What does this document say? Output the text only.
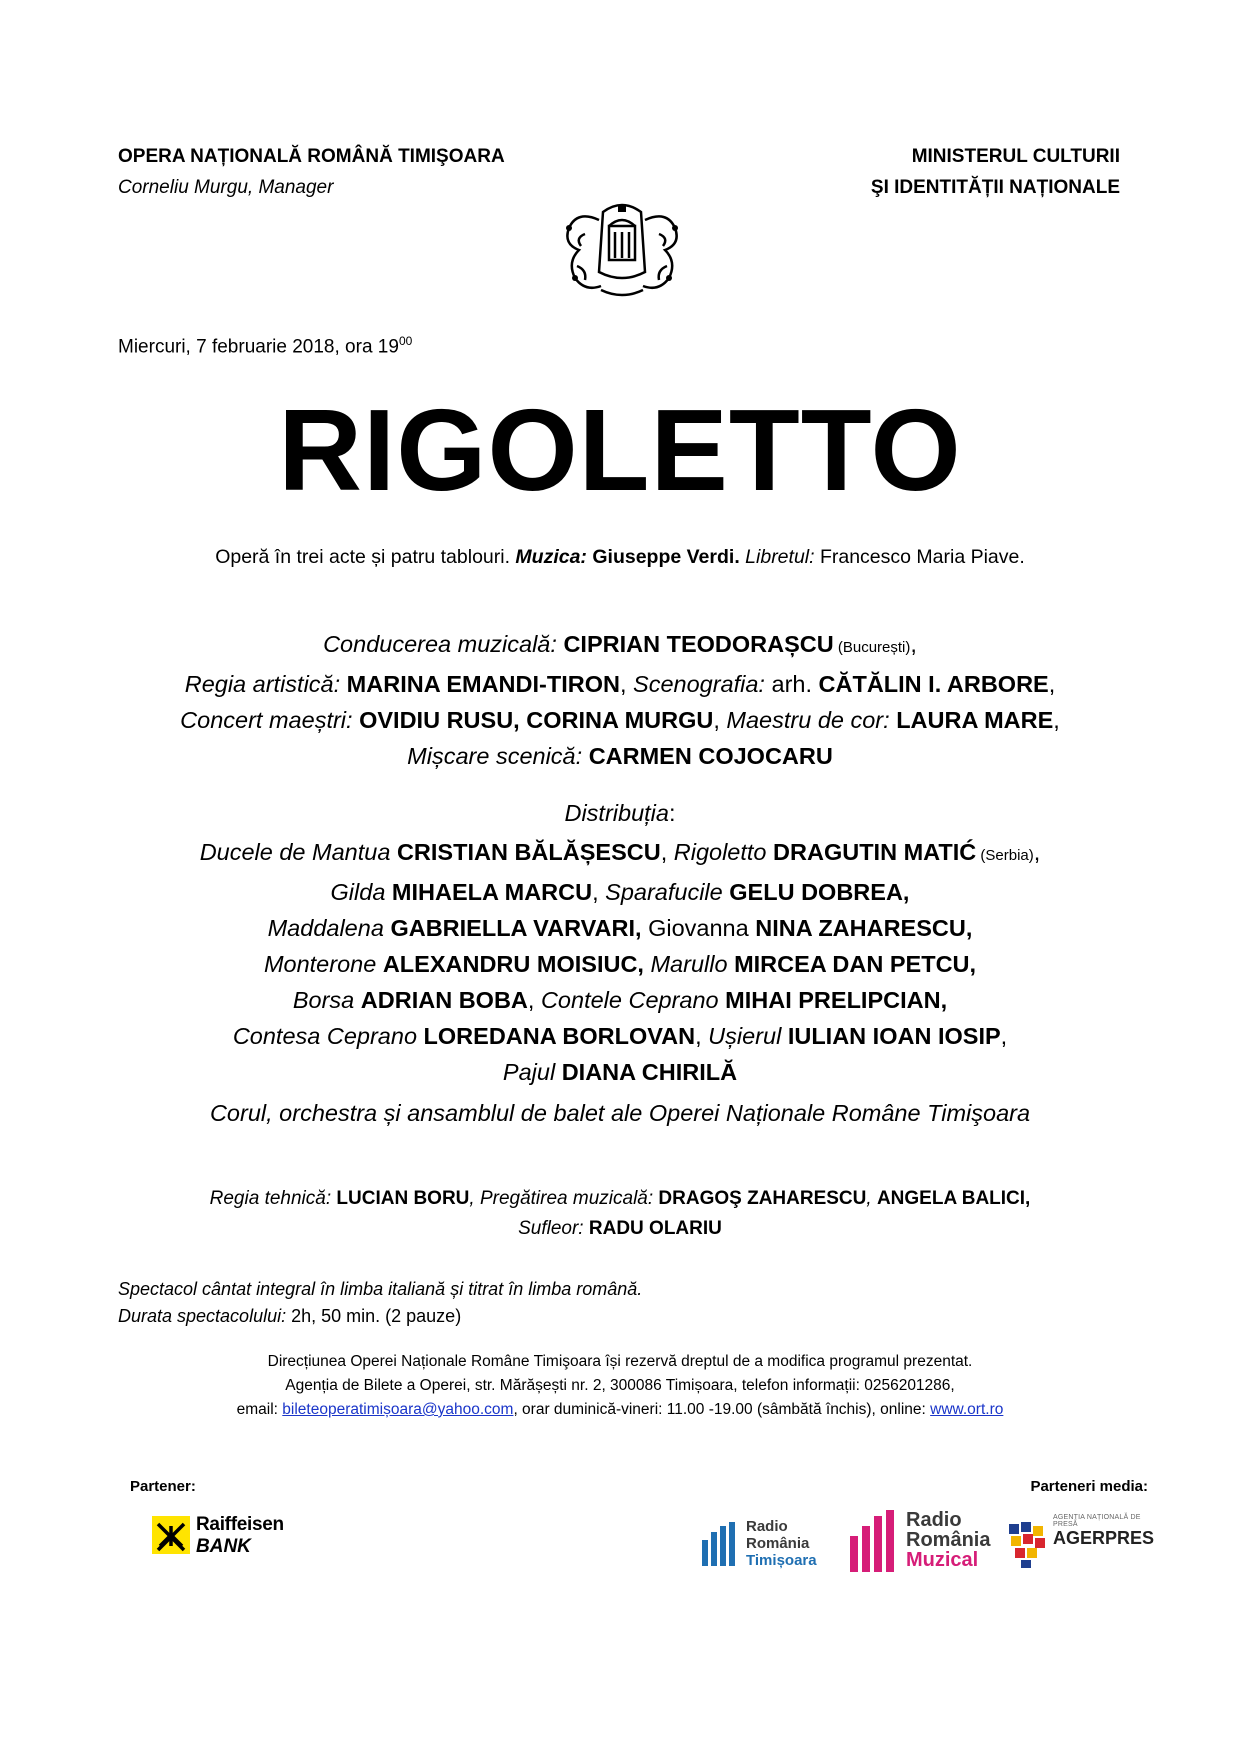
OPERA NAȚIONALĂ ROMÂNĂ TIMIŞOARA
Corneliu Murgu, Manager
MINISTERUL CULTURII
ŞI IDENTITĂȚII NAȚIONALE
Miercuri, 7 februarie 2018, ora $19^{00}$
RIGOLETTO
Operă în trei acte și patru tablouri. Muzica: Giuseppe Verdi. Libretul: Francesco Maria Piave.
Conducerea muzicală: CIPRIAN TEODORAȘCU (București),
Regia artistică: MARINA EMANDI-TIRON, Scenografia: arh. CĂTĂLIN I. ARBORE,
Concert maeștri: OVIDIU RUSU, CORINA MURGU, Maestru de cor: LAURA MARE,
Mișcare scenică: CARMEN COJOCARU
Distribuția:
Ducele de Mantua CRISTIAN BĂLĂȘESCU, Rigoletto DRAGUTIN MATIĆ (Serbia),
Gilda MIHAELA MARCU, Sparafucile GELU DOBREA,
Maddalena GABRIELLA VARVARI, Giovanna NINA ZAHARESCU,
Monterone ALEXANDRU MOISIUC, Marullo MIRCEA DAN PETCU,
Borsa ADRIAN BOBA, Contele Ceprano MIHAI PRELIPCIAN,
Contesa Ceprano LOREDANA BORLOVAN, Ușierul IULIAN IOAN IOSIP,
Pajul DIANA CHIRILĂ
Corul, orchestra și ansamblul de balet ale Operei Naționale Române Timişoara
Regia tehnică: LUCIAN BORU, Pregătirea muzicală: DRAGOŞ ZAHARESCU, ANGELA BALICI,
Sufleor: RADU OLARIU
Spectacol cântat integral în limba italiană și titrat în limba română.
Durata spectacolului: 2h, 50 min. (2 pauze)
Direcțiunea Operei Naționale Române Timişoara își rezervă dreptul de a modifica programul prezentat.
Agenția de Bilete a Operei, str. Mărășești nr. 2, 300086 Timișoara, telefon informații: 0256201286,
email: bileteoperatimișoara@yahoo.com, orar duminică-vineri: 11.00 -19.00 (sâmbătă închis), online: www.ort.ro
Partener:	Parteneri media:
Raiffeisen
BANK
Radio
România
Timișoara
Radio
România
Muzical
AGENȚIA NAȚIONALĂ DE PRESĂ
AGERPRES
